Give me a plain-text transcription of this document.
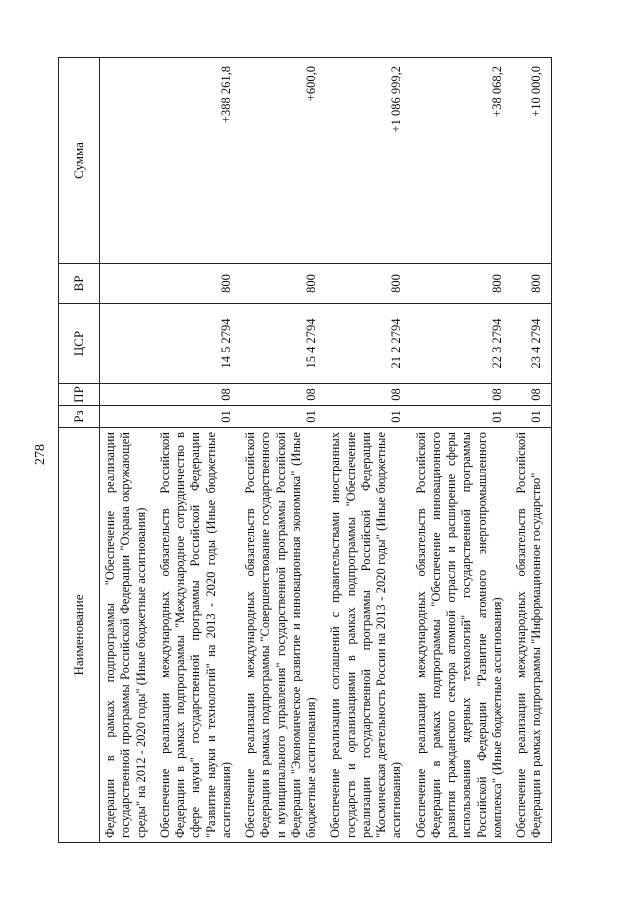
278
Наименование	Рз	ПР	ЦСР	ВР	Сумма
Федерации в рамках подпрограммы "Обеспечение реализации государственной программы Российской Федерации "Охрана окружающей среды" на 2012 - 2020 годы" (Иные бюджетные ассигнования)					
Обеспечение реализации международных обязательств Российской Федерации в рамках подпрограммы "Международное сотрудничество в сфере науки" государственной программы Российской Федерации "Развитие науки и технологий" на 2013 - 2020 годы (Иные бюджетные ассигнования)	01	08	14 5 2794	800	+388 261,8
Обеспечение реализации международных обязательств Российской Федерации в рамках подпрограммы "Совершенствование государственного и муниципального управления" государственной программы Российской Федерации "Экономическое развитие и инновационная экономика" (Иные бюджетные ассигнования)	01	08	15 4 2794	800	+600,0
Обеспечение реализации соглашений с правительствами иностранных государств и организациями в рамках подпрограммы "Обеспечение реализации государственной программы Российской Федерации "Космическая деятельность России на 2013 - 2020 годы" (Иные бюджетные ассигнования)	01	08	21 2 2794	800	+1 086 999,2
Обеспечение реализации международных обязательств Российской Федерации в рамках подпрограммы "Обеспечение инновационного развития гражданского сектора атомной отрасли и расширение сферы использования ядерных технологий" государственной программы Российской Федерации "Развитие атомного энергопромышленного комплекса" (Иные бюджетные ассигнования)	01	08	22 3 2794	800	+38 068,2
Обеспечение реализации международных обязательств Российской Федерации в рамках подпрограммы "Информационное государство"	01	08	23 4 2794	800	+10 000,0
